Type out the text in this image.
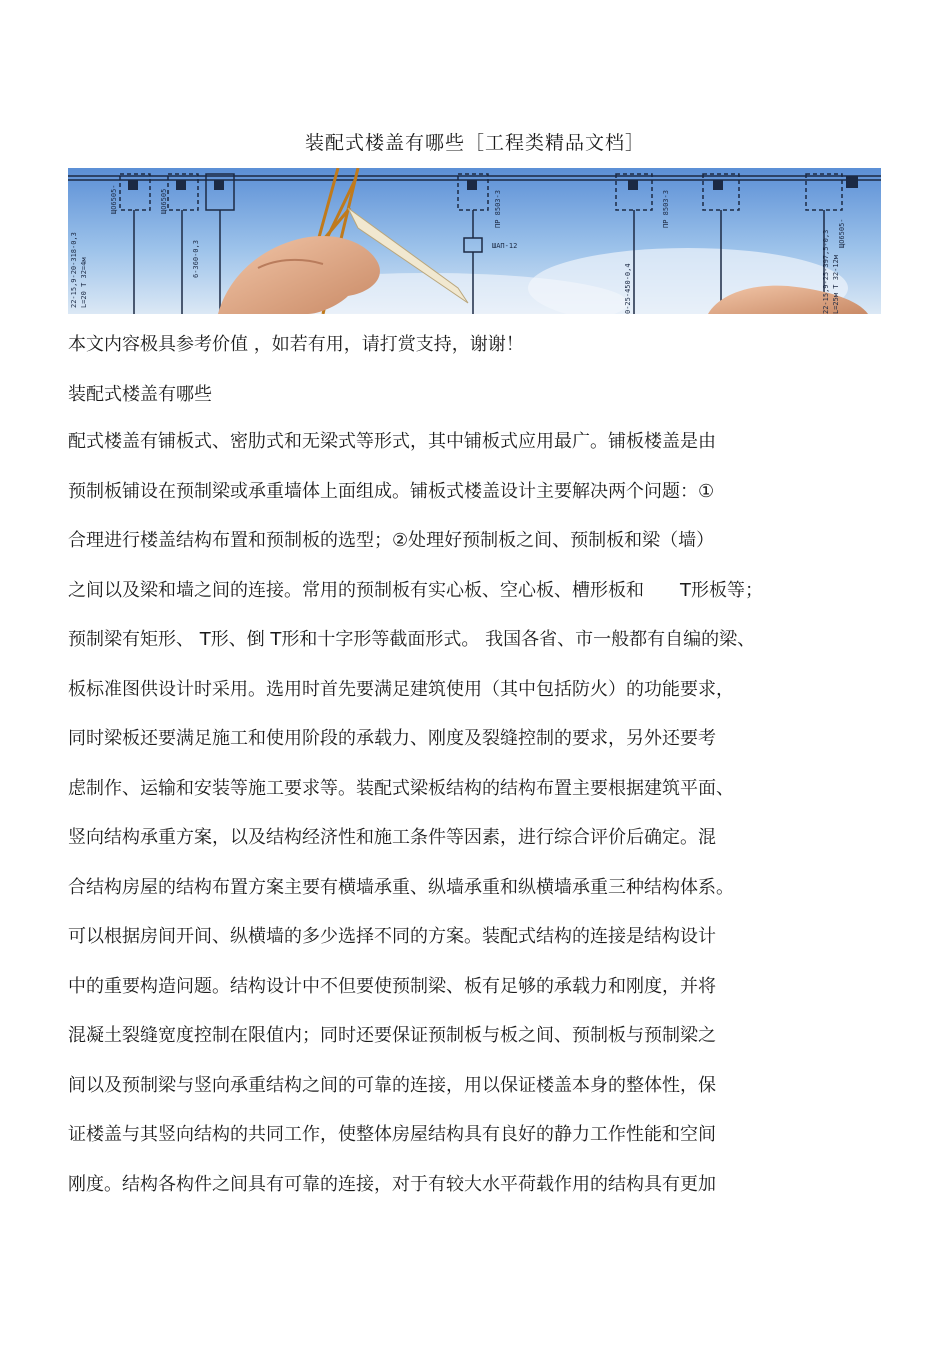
装配式楼盖有哪些［工程类精品文档］
22-15,9-20-318-0,3 L=20 T 32=4м
ЩО6505
ЩО6505-
6-360-0,3
ПР 8503-3
ШАП-12
0-25-450-0,4
ПР 8503-3
ЩО6505-
22-15,9-25-397,5-0,3 L=25м T 32-12м
本文内容极具参考价值 ，如若有用，请打赏支持，谢谢！
装配式楼盖有哪些
配式楼盖有铺板式、密肋式和无梁式等形式，其中铺板式应用最广。铺板楼盖是由
预制板铺设在预制梁或承重墙体上面组成。铺板式楼盖设计主要解决两个问题：①
合理进行楼盖结构布置和预制板的选型；②处理好预制板之间、预制板和梁（墙）
之间以及梁和墙之间的连接。常用的预制板有实心板、空心板、槽形板和　　T形板等；
预制梁有矩形、 T形、倒 T形和十字形等截面形式。 我国各省、市一般都有自编的梁、
板标准图供设计时采用。选用时首先要满足建筑使用（其中包括防火）的功能要求，
同时梁板还要满足施工和使用阶段的承载力、刚度及裂缝控制的要求，另外还要考
虑制作、运输和安装等施工要求等。装配式梁板结构的结构布置主要根据建筑平面、
竖向结构承重方案，以及结构经济性和施工条件等因素，进行综合评价后确定。混
合结构房屋的结构布置方案主要有横墙承重、纵墙承重和纵横墙承重三种结构体系。
可以根据房间开间、纵横墙的多少选择不同的方案。装配式结构的连接是结构设计
中的重要构造问题。结构设计中不但要使预制梁、板有足够的承载力和刚度，并将
混凝土裂缝宽度控制在限值内；同时还要保证预制板与板之间、预制板与预制梁之
间以及预制梁与竖向承重结构之间的可靠的连接，用以保证楼盖本身的整体性，保
证楼盖与其竖向结构的共同工作，使整体房屋结构具有良好的静力工作性能和空间
刚度。结构各构件之间具有可靠的连接，对于有较大水平荷载作用的结构具有更加
